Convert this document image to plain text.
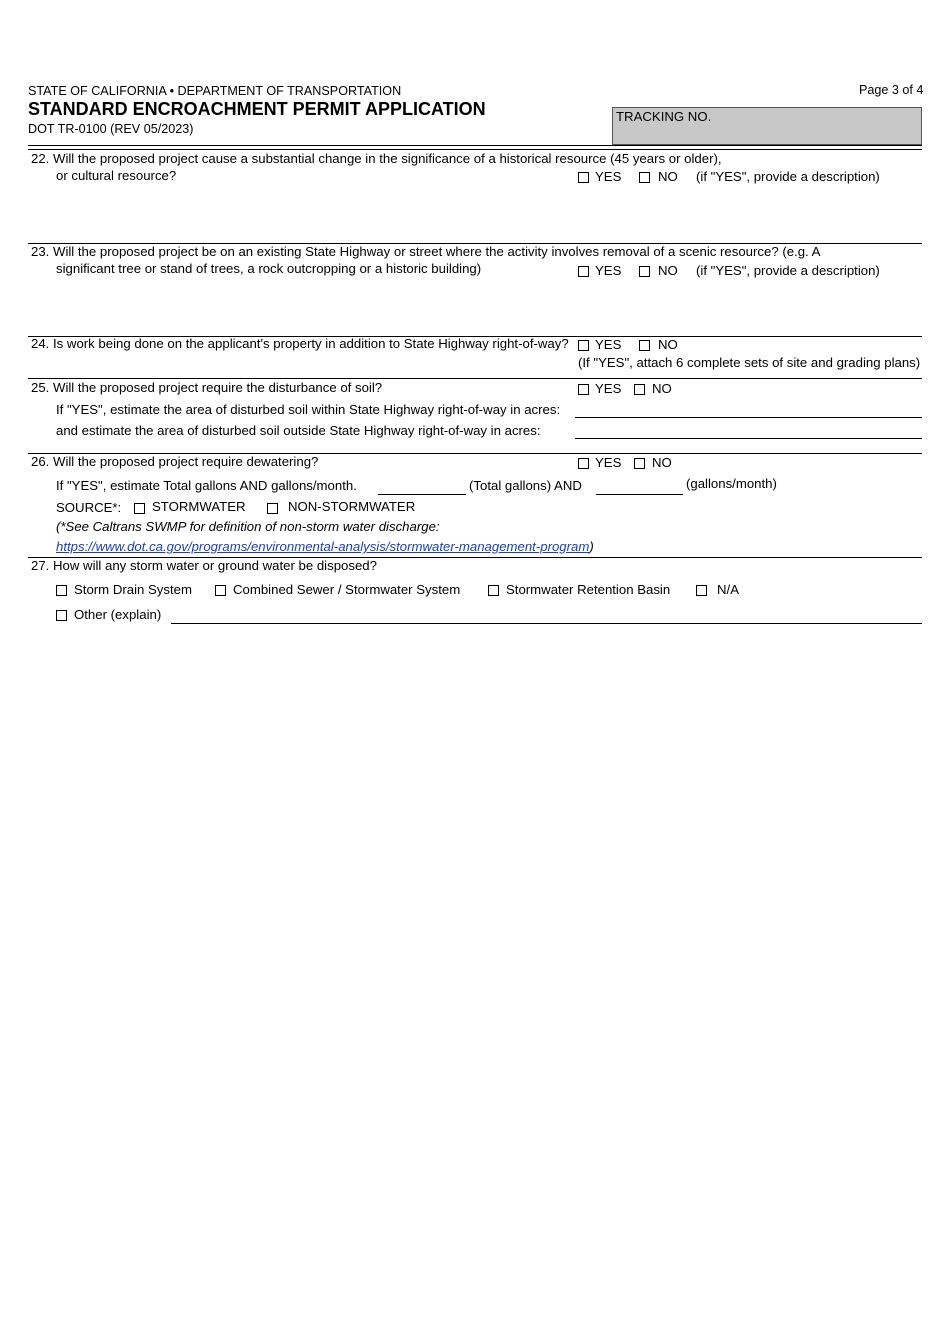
STATE OF CALIFORNIA • DEPARTMENT OF TRANSPORTATION
STANDARD ENCROACHMENT PERMIT APPLICATION
DOT TR-0100 (REV 05/2023)
Page 3 of 4
TRACKING NO.
22. Will the proposed project cause a substantial change in the significance of a historical resource (45 years or older),
or cultural resource?	YES	NO (if "YES", provide a description)
23. Will the proposed project be on an existing State Highway or street where the activity involves removal of a scenic resource? (e.g. A
significant tree or stand of trees, a rock outcropping or a historic building)	YES	NO (if "YES", provide a description)
24. Is work being done on the applicant's property in addition to State Highway right-of-way? YES	NO
(If "YES", attach 6 complete sets of site and grading plans)
25. Will the proposed project require the disturbance of soil?	YES NO
If "YES", estimate the area of disturbed soil within State Highway right-of-way in acres:
and estimate the area of disturbed soil outside State Highway right-of-way in acres:
26. Will the proposed project require dewatering?	YES NO
If "YES", estimate Total gallons AND gallons/month.	(Total gallons) AND	(gallons/month)
SOURCE*: STORMWATER	NON-STORMWATER
(*See Caltrans SWMP for definition of non-storm water discharge:
https://www.dot.ca.gov/programs/environmental-analysis/stormwater-management-program)
27. How will any storm water or ground water be disposed?
Storm Drain System	Combined Sewer / Stormwater System	Stormwater Retention Basin	N/A
Other (explain)
